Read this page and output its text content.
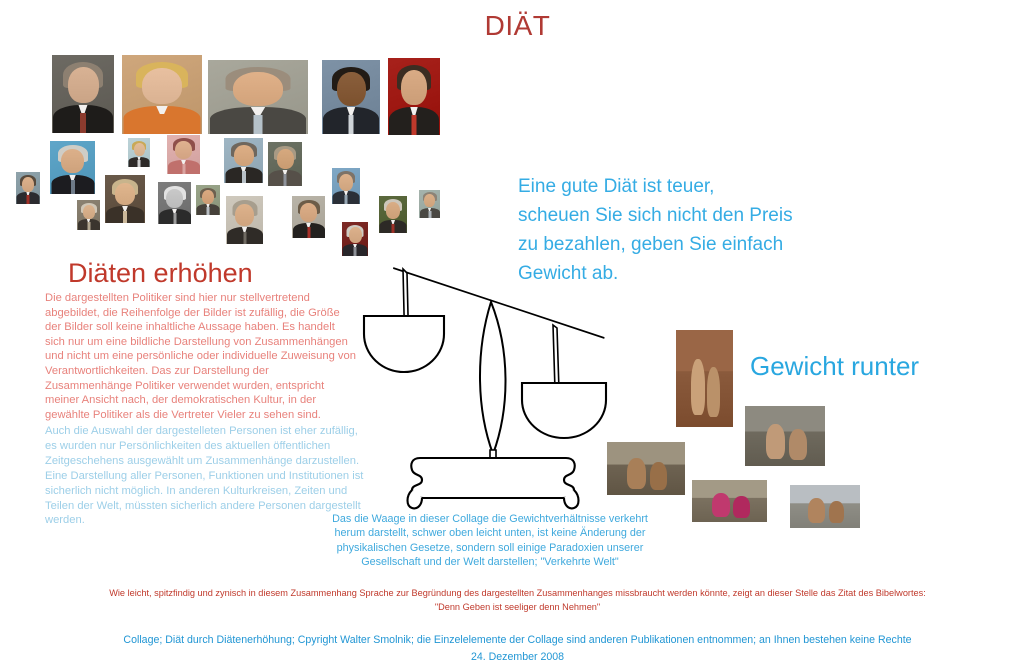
DIÄT
Eine gute Diät ist teuer,
scheuen Sie sich nicht den Preis
zu bezahlen, geben Sie einfach
Gewicht ab.
Diäten erhöhen
Die dargestellten Politiker sind hier nur stellvertretend abgebildet, die Reihenfolge der Bilder ist zufällig, die Größe der Bilder soll keine inhaltliche Aussage haben. Es handelt sich nur um eine bildliche Darstellung von Zusammenhängen und nicht um eine persönliche oder individuelle Zuweisung von Verantwortlichkeiten. Das zur Darstellung der Zusammenhänge Politiker verwendet wurden, entspricht meiner Ansicht nach, der demokratischen Kultur, in der gewählte Politiker als die Vertreter Vieler zu sehen sind.
Auch die Auswahl der dargestelleten Personen ist eher zufällig, es wurden nur Persönlichkeiten des aktuellen öffentlichen Zeitgeschehens ausgewählt um Zusammenhänge darzustellen. Eine Darstellung aller Personen, Funktionen und Institutionen ist sicherlich nicht möglich. In anderen Kulturkreisen, Zeiten und Teilen der Welt, müssten sicherlich andere Personen dargestellt werden.
Gewicht runter
Das die Waage in dieser Collage die Gewichtverhältnisse verkehrt herum darstellt, schwer oben leicht unten, ist keine Änderung der physikalischen Gesetze, sondern soll einige Paradoxien unserer Gesellschaft und der Welt darstellen; "Verkehrte Welt"
Wie leicht, spitzfindig und zynisch in diesem Zusammenhang Sprache zur Begründung des dargestellten Zusammenhanges missbraucht werden könnte, zeigt an dieser Stelle das Zitat des Bibelwortes:
"Denn Geben ist seeliger denn Nehmen"
Collage; Diät durch Diätenerhöhung; Cpyright Walter Smolnik; die Einzelelemente der Collage sind anderen Publikationen entnommen; an Ihnen bestehen keine Rechte
24. Dezember 2008
